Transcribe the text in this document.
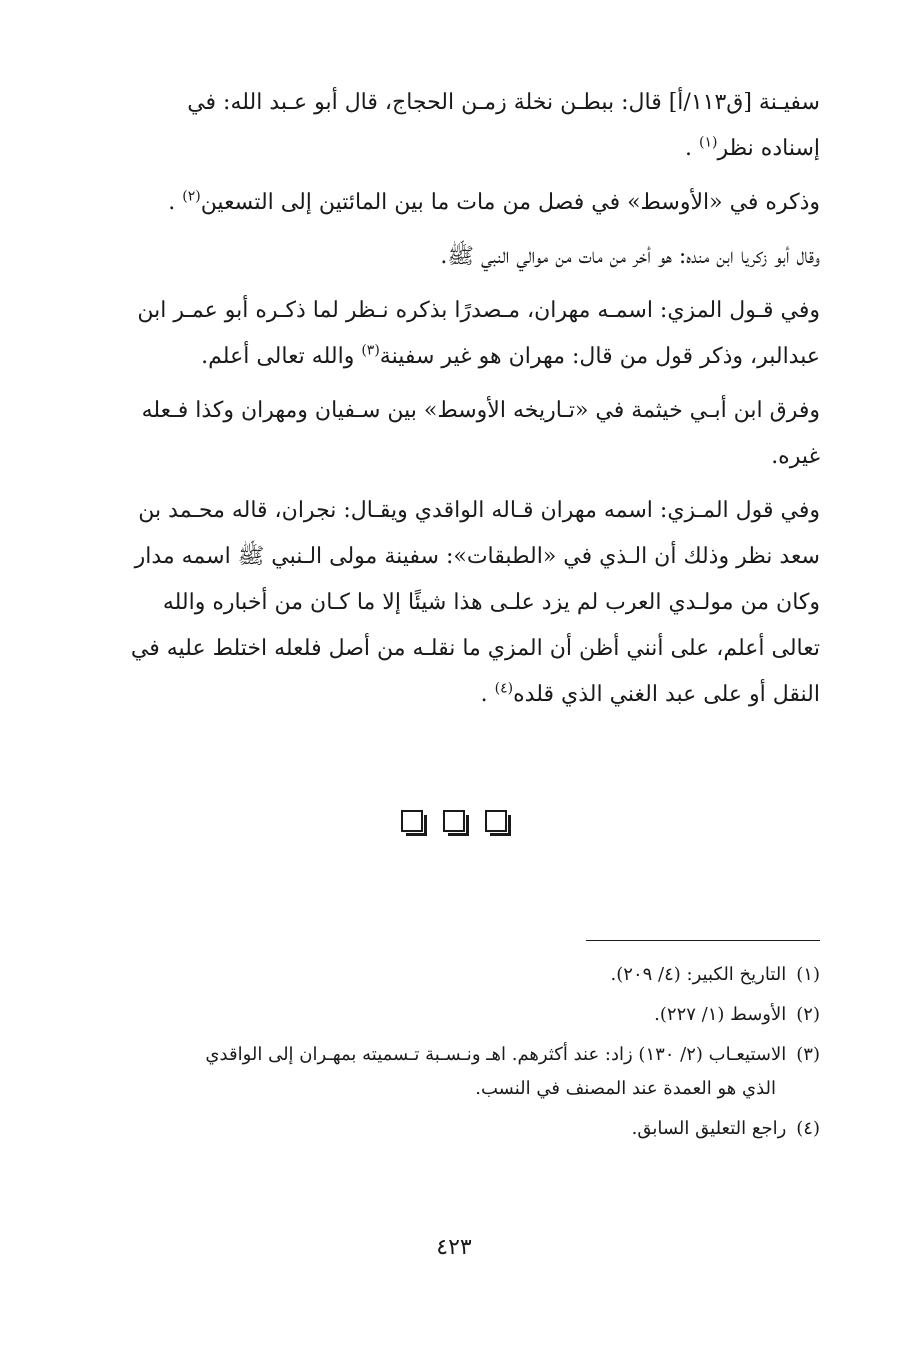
سفيـنة [ق١١٣/أ] قال: ببطـن نخلة زمـن الحجاج، قال أبو عـبد الله: في
إسناده نظر$^{(١)}$ .

وذكره في «الأوسط» في فصل من مات ما بين المائتين إلى التسعين$^{(٢)}$ .

وقال أبو زكريا ابن منده: هو أخر من مات من موالي النبي ﷺ.

وفي قـول المزي: اسمـه مهران، مـصدرًا بذكره نـظر لما ذكـره أبو عمـر ابن
عبدالبر، وذكر قول من قال: مهران هو غير سفينة$^{(٣)}$ والله تعالى أعلم.

وفرق ابن أبـي خيثمة في «تـاريخه الأوسط» بين سـفيان ومهران وكذا فـعله
غيره.

وفي قول المـزي: اسمه مهران قـاله الواقدي ويقـال: نجران، قاله محـمد بن
سعد نظر وذلك أن الـذي في «الطبقات»: سفينة مولى الـنبي ﷺ اسمه مدار
وكان من مولـدي العرب لم يزد علـى هذا شيئًا إلا ما كـان من أخباره والله
تعالى أعلم، على أنني أظن أن المزي ما نقلـه من أصل فلعله اختلط عليه في
النقل أو على عبد الغني الذي قلده$^{(٤)}$ .

(١)التاريخ الكبير: (٤/ ٢٠٩).

(٢)الأوسط (١/ ٢٢٧).

(٣)الاستيعـاب (٢/ ١٣٠) زاد: عند أكثرهم. اهـ ونـسـبة تـسميته بمهـران إلى الواقدي
الذي هو العمدة عند المصنف في النسب.

(٤)راجع التعليق السابق.

٤٢٣
